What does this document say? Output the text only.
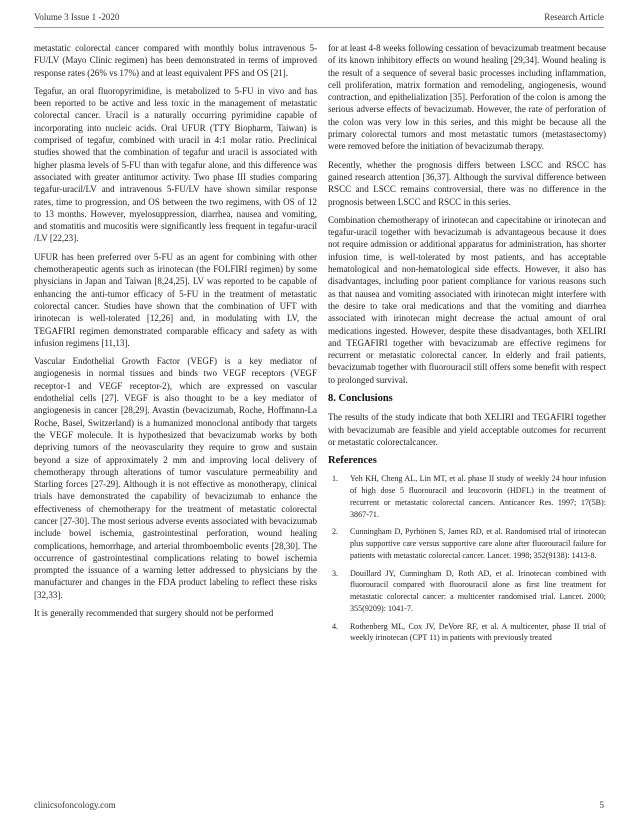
Volume 3 Issue 1 -2020	Research Article

metastatic colorectal cancer compared with monthly bolus intravenous 5-FU/LV (Mayo Clinic regimen) has been demonstrated in terms of improved response rates (26% vs 17%) and at least equivalent PFS and OS [21].

Tegafur, an oral fluoropyrimidine, is metabolized to 5-FU in vivo and has been reported to be active and less toxic in the management of metastatic colorectal cancer. Uracil is a naturally occurring pyrimidine capable of incorporating into nucleic acids. Oral UFUR (TTY Biopharm, Taiwan) is comprised of tegafur, combined with uracil in 4:1 molar ratio. Preclinical studies showed that the combination of tegafur and uracil is associated with higher plasma levels of 5-FU than with tegafur alone, and this difference was associated with greater antitumor activity. Two phase III studies comparing tegafur-uracil/LV and intravenous 5-FU/LV have shown similar response rates, time to progression, and OS between the two regimens, with OS of 12 to 13 months. However, myelosuppression, diarrhea, nausea and vomiting, and stomatitis and mucositis were significantly less frequent in tegafur-uracil /LV [22,23].

UFUR has been preferred over 5-FU as an agent for combining with other chemotherapeutic agents such as irinotecan (the FOLFIRI regimen) by some physicians in Japan and Taiwan [8,24,25]. LV was reported to be capable of enhancing the anti-tumor efficacy of 5-FU in the treatment of metastatic colorectal cancer. Studies have shown that the combination of UFT with irinotecan is well-tolerated [12,26] and, in modulating with LV, the TEGAFIRI regimen demonstrated comparable efficacy and safety as with infusion regimens [11,13].

Vascular Endothelial Growth Factor (VEGF) is a key mediator of angiogenesis in normal tissues and binds two VEGF receptors (VEGF receptor-1 and VEGF receptor-2), which are expressed on vascular endothelial cells [27]. VEGF is also thought to be a key mediator of angiogenesis in cancer [28,29]. Avastin (bevacizumab, Roche, Hoffmann-La Roche, Basel, Switzerland) is a humanized monoclonal antibody that targets the VEGF molecule. It is hypothesized that bevacizumab works by both depriving tumors of the neovascularity they require to grow and sustain beyond a size of approximately 2 mm and improving local delivery of chemotherapy through alterations of tumor vasculature permeability and Starling forces [27-29]. Although it is not effective as monotherapy, clinical trials have demonstrated the capability of bevacizumab to enhance the effectiveness of chemotherapy for the treatment of metastatic colorectal cancer [27-30]. The most serious adverse events associated with bevacizumab include bowel ischemia, gastrointestinal perforation, wound healing complications, hemorrhage, and arterial thromboembolic events [28,30]. The occurrence of gastrointestinal complications relating to bowel ischemia prompted the issuance of a warning letter addressed to physicians by the manufacturer and changes in the FDA product labeling to reflect these risks [32,33].

It is generally recommended that surgery should not be performed

for at least 4-8 weeks following cessation of bevacizumab treatment because of its known inhibitory effects on wound healing [29,34]. Wound healing is the result of a sequence of several basic processes including inflammation, cell proliferation, matrix formation and remodeling, angiogenesis, wound contraction, and epithelialization [35]. Perforation of the colon is among the serious adverse effects of bevacizumab. However, the rate of perforation of the colon was very low in this series, and this might be because all the primary colorectal tumors and most metastatic tumors (metastasectomy) were removed before the initiation of bevacizumab therapy.

Recently, whether the prognosis differs between LSCC and RSCC has gained research attention [36,37]. Although the survival difference between RSCC and LSCC remains controversial, there was no difference in the prognosis between LSCC and RSCC in this series.

Combination chemotherapy of irinotecan and capecitabine or irinotecan and tegafur-uracil together with bevacizumab is advantageous because it does not require admission or additional apparatus for administration, has shorter infusion time, is well-tolerated by most patients, and has acceptable hematological and non-hematological side effects. However, it also has disadvantages, including poor patient compliance for various reasons such as that nausea and vomiting associated with irinotecan might interfere with the desire to take oral medications and that the vomiting and diarrhea associated with irinotecan might decrease the actual amount of oral medications ingested. However, despite these disadvantages, both XELIRI and TEGAFIRI together with bevacizumab are effective regimens for recurrent or metastatic colorectal cancer. In elderly and frail patients, bevacizumab together with fluorouracil still offers some benefit with respect to prolonged survival.

8. Conclusions

The results of the study indicate that both XELIRI and TEGAFIRI together with bevacizumab are feasible and yield acceptable outcomes for recurrent or metastatic colorectalcancer.

References
1. Yeh KH, Cheng AL, Lin MT, et al. phase II study of weekly 24 hour infusion of high dose 5 fluorouracil and leucovorin (HDFL) in the treatment of recurrent or metastatic colorectal cancers. Anticancer Res. 1997; 17(5B): 3867-71.
2. Cunningham D, Pyrhönen S, James RD, et al. Randomised trial of irinotecan plus supportive care versus supportive care alone after fluorouracil failure for patients with metastatic colorectal cancer. Lancet. 1998; 352(9138): 1413-8.
3. Douillard JY, Cunningham D, Roth AD, et al. Irinotecan combined with fluorouracil compared with fluorouracil alone as first line treatment for metastatic colorectal cancer: a multicenter randomised trial. Lancet. 2000; 355(9209): 1041-7.
4. Rothenberg ML, Cox JV, DeVore RF, et al. A multicenter, phase II trial of weekly irinotecan (CPT 11) in patients with previously treated
clinicsofoncology.com	5
